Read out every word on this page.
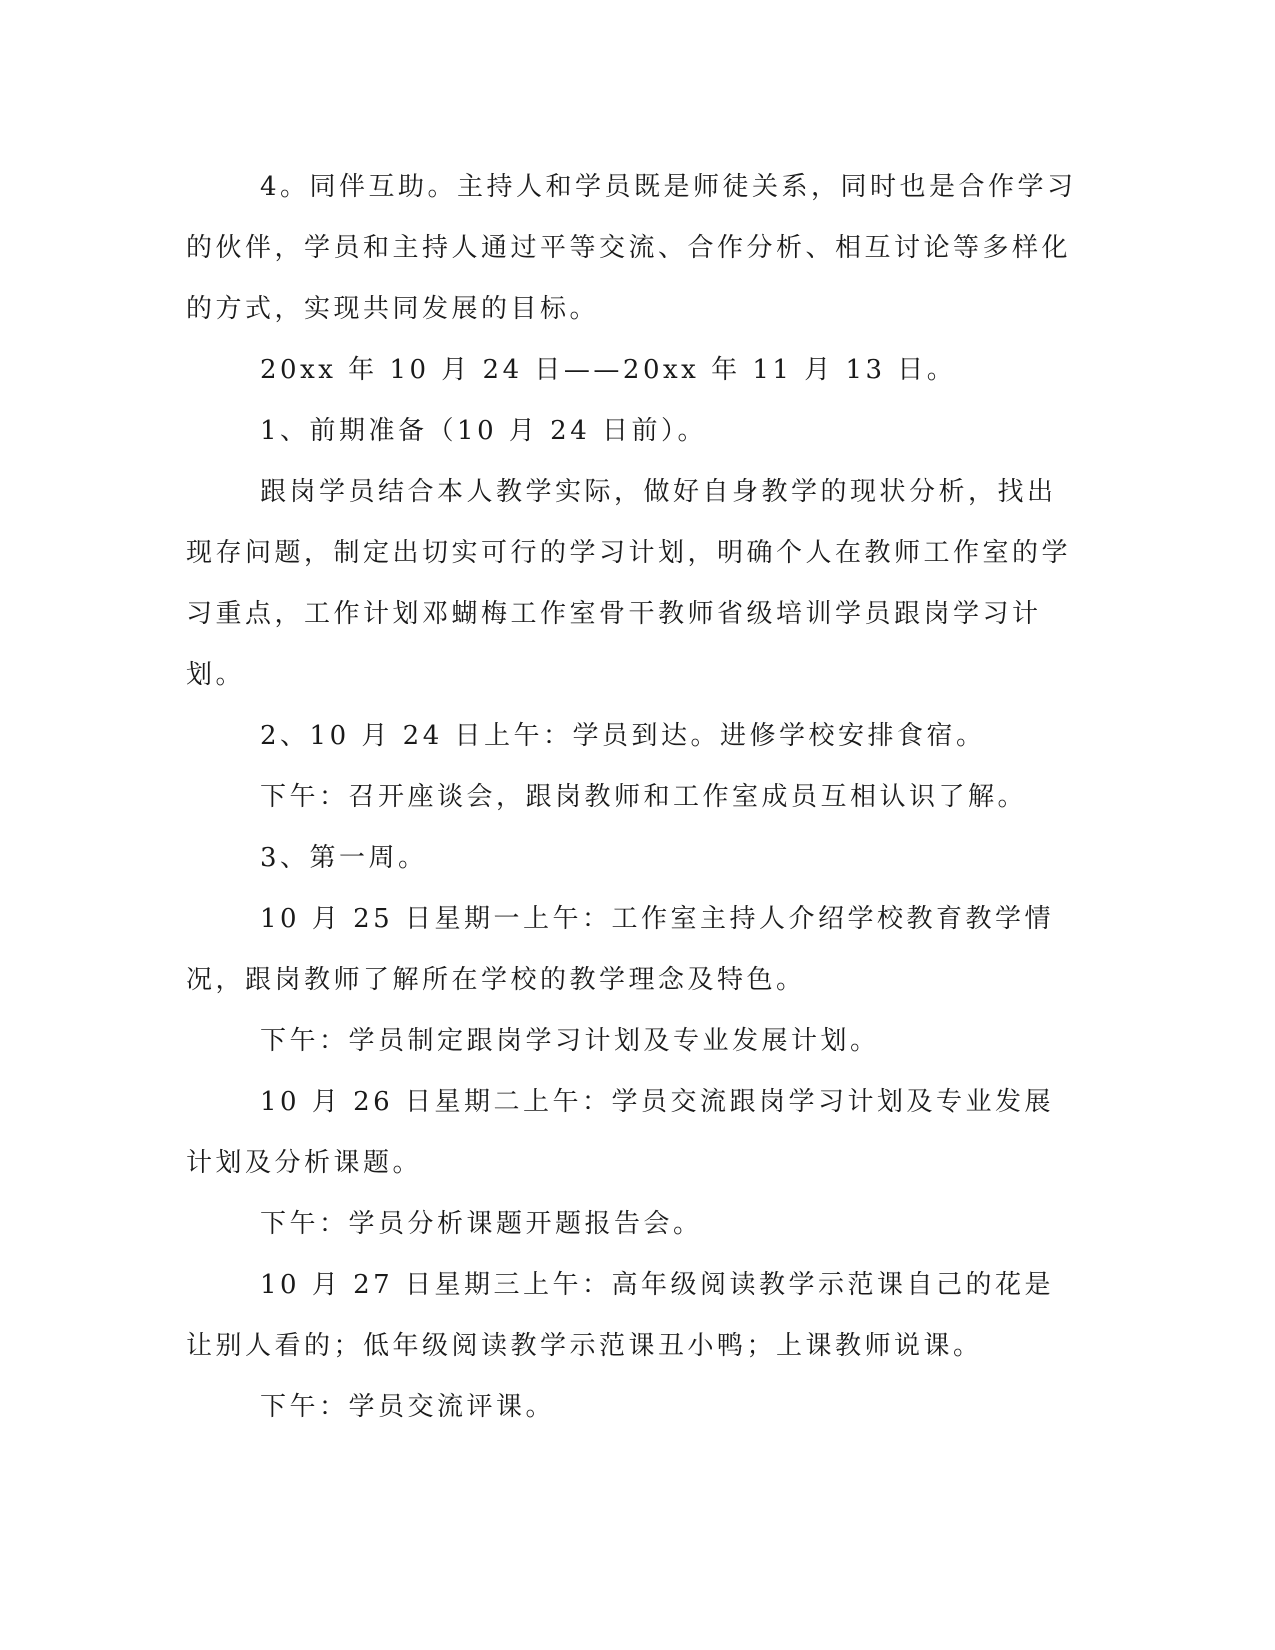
4。同伴互助。主持人和学员既是师徒关系，同时也是合作学习的伙伴，学员和主持人通过平等交流、合作分析、相互讨论等多样化的方式，实现共同发展的目标。

20xx 年 10 月 24 日——20xx 年 11 月 13 日。

1、前期准备（10 月 24 日前）。

跟岗学员结合本人教学实际，做好自身教学的现状分析，找出现存问题，制定出切实可行的学习计划，明确个人在教师工作室的学习重点，工作计划邓蝴梅工作室骨干教师省级培训学员跟岗学习计划。

2、10 月 24 日上午：学员到达。进修学校安排食宿。

下午：召开座谈会，跟岗教师和工作室成员互相认识了解。

3、第一周。

10 月 25 日星期一上午：工作室主持人介绍学校教育教学情况，跟岗教师了解所在学校的教学理念及特色。

下午：学员制定跟岗学习计划及专业发展计划。

10 月 26 日星期二上午：学员交流跟岗学习计划及专业发展计划及分析课题。

下午：学员分析课题开题报告会。

10 月 27 日星期三上午：高年级阅读教学示范课自己的花是让别人看的；低年级阅读教学示范课丑小鸭；上课教师说课。

下午：学员交流评课。
